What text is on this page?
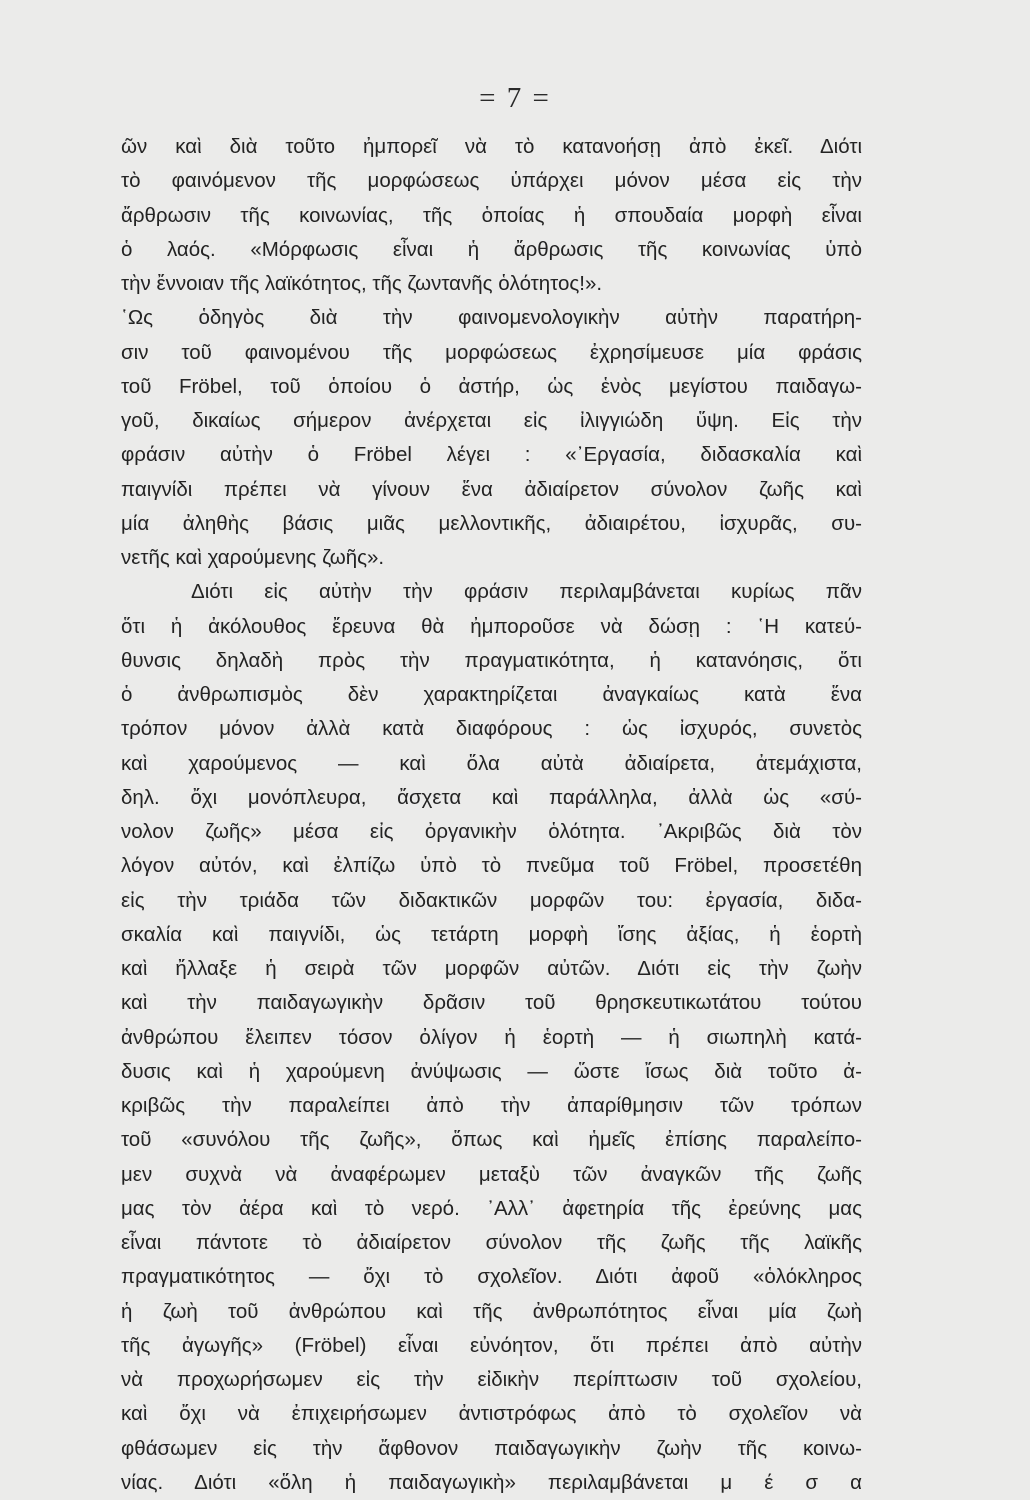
= 7 =
ῶν καὶ διὰ τοῦτο ἠμπορεῖ νὰ τὸ κατανοήσῃ ἀπὸ ἐκεῖ. Διότι
τὸ φαινόμενον τῆς μορφώσεως ὑπάρχει μόνον μέσα εἰς τὴν
ἄρθρωσιν τῆς κοινωνίας, τῆς ὁποίας ἡ σπουδαία μορφὴ εἶναι
ὁ λαός. «Μόρφωσις εἶναι ἡ ἄρθρωσις τῆς κοινωνίας ὑπὸ
τὴν ἔννοιαν τῆς λαϊκότητος, τῆς ζωντανῆς ὁλότητος!».
῾Ως ὁδηγὸς διὰ τὴν φαινομενολογικὴν αὐτὴν παρατήρη-
σιν τοῦ φαινομένου τῆς μορφώσεως ἐχρησίμευσε μία φράσις
τοῦ Fröbel, τοῦ ὁποίου ὁ ἀστήρ, ὡς ἑνὸς μεγίστου παιδαγω-
γοῦ, δικαίως σήμερον ἀνέρχεται εἰς ἰλιγγιώδη ὕψη. Εἰς τὴν
φράσιν αὐτὴν ὁ Fröbel λέγει : «᾽Εργασία, διδασκαλία καὶ
παιγνίδι πρέπει νὰ γίνουν ἕνα ἀδιαίρετον σύνολον ζωῆς καὶ
μία ἀληθὴς βάσις μιᾶς μελλοντικῆς, ἀδιαιρέτου, ἰσχυρᾶς, συ-
νετῆς καὶ χαρούμενης ζωῆς».
Διότι εἰς αὐτὴν τὴν φράσιν περιλαμβάνεται κυρίως πᾶν
ὅτι ἡ ἀκόλουθος ἔρευνα θὰ ἠμποροῦσε νὰ δώσῃ : ῾Η κατεύ-
θυνσις δηλαδὴ πρὸς τὴν πραγματικότητα, ἡ κατανόησις, ὅτι
ὁ ἀνθρωπισμὸς δὲν χαρακτηρίζεται ἀναγκαίως κατὰ ἕνα
τρόπον μόνον ἀλλὰ κατὰ διαφόρους : ὡς ἰσχυρός, συνετὸς
καὶ χαρούμενος — καὶ ὅλα αὐτὰ ἀδιαίρετα, ἀτεμάχιστα,
δηλ. ὄχι μονόπλευρα, ἄσχετα καὶ παράλληλα, ἀλλὰ ὡς «σύ-
νολον ζωῆς» μέσα εἰς ὀργανικὴν ὁλότητα. ᾽Ακριβῶς διὰ τὸν
λόγον αὐτόν, καὶ ἐλπίζω ὑπὸ τὸ πνεῦμα τοῦ Fröbel, προσετέθη
εἰς τὴν τριάδα τῶν διδακτικῶν μορφῶν του: ἐργασία, διδα-
σκαλία καὶ παιγνίδι, ὡς τετάρτη μορφὴ ἴσης ἀξίας, ἡ ἑορτὴ
καὶ ἤλλαξε ἡ σειρὰ τῶν μορφῶν αὐτῶν. Διότι εἰς τὴν ζωὴν
καὶ τὴν παιδαγωγικὴν δρᾶσιν τοῦ θρησκευτικωτάτου τούτου
ἀνθρώπου ἔλειπεν τόσον ὀλίγον ἡ ἑορτὴ — ἡ σιωπηλὴ κατά-
δυσις καὶ ἡ χαρούμενη ἀνύψωσις — ὥστε ἴσως διὰ τοῦτο ἀ-
κριβῶς τὴν παραλείπει ἀπὸ τὴν ἀπαρίθμησιν τῶν τρόπων
τοῦ «συνόλου τῆς ζωῆς», ὅπως καὶ ἡμεῖς ἐπίσης παραλείπο-
μεν συχνὰ νὰ ἀναφέρωμεν μεταξὺ τῶν ἀναγκῶν τῆς ζωῆς
μας τὸν ἀέρα καὶ τὸ νερό. ᾽Αλλ᾽ ἀφετηρία τῆς ἐρεύνης μας
εἶναι πάντοτε τὸ ἀδιαίρετον σύνολον τῆς ζωῆς τῆς λαϊκῆς
πραγματικότητος — ὄχι τὸ σχολεῖον. Διότι ἀφοῦ «ὁλόκληρος
ἡ ζωὴ τοῦ ἀνθρώπου καὶ τῆς ἀνθρωπότητος εἶναι μία ζωὴ
τῆς ἀγωγῆς» (Fröbel) εἶναι εὐνόητον, ὅτι πρέπει ἀπὸ αὐτὴν
νὰ προχωρήσωμεν εἰς τὴν εἰδικὴν περίπτωσιν τοῦ σχολείου,
καὶ ὄχι νὰ ἐπιχειρήσωμεν ἀντιστρόφως ἀπὸ τὸ σχολεῖον νὰ
φθάσωμεν εἰς τὴν ἄφθονον παιδαγωγικὴν ζωὴν τῆς κοινω-
νίας. Διότι «ὅλη ἡ παιδαγωγικὴ» περιλαμβάνεται μ έ σ α
